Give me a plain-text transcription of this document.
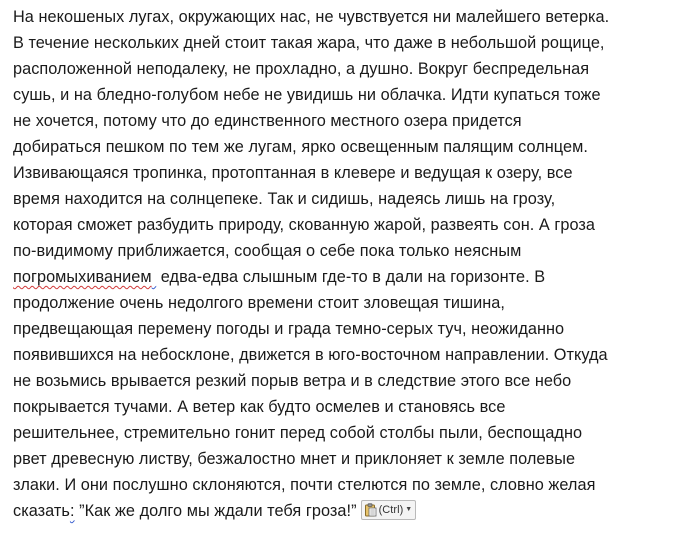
На некошеных лугах, окружающих нас, не чувствуется ни малейшего ветерка.
В течение нескольких дней стоит такая жара, что даже в небольшой рощице,
расположенной неподалеку, не прохладно, а душно. Вокруг беспредельная
сушь, и на бледно-голубом небе не увидишь ни облачка. Идти купаться тоже
не хочется, потому что до единственного местного озера придется
добираться пешком по тем же лугам, ярко освещенным палящим солнцем.
Извивающаяся тропинка, протоптанная в клевере и ведущая к озеру, все
время находится на солнцепеке. Так и сидишь, надеясь лишь на грозу,
которая сможет разбудить природу, скованную жарой, развеять сон. А гроза
по-видимому приближается, сообщая о себе пока только неясным
погромыхиванием  едва-едва слышным где-то в дали на горизонте. В
продолжение очень недолгого времени стоит зловещая тишина,
предвещающая перемену погоды и града темно-серых туч, неожиданно
появившихся на небосклоне, движется в юго-восточном направлении. Откуда
не возьмись врывается резкий порыв ветра и в следствие этого все небо
покрывается тучами. А ветер как будто осмелев и становясь все
решительнее, стремительно гонит перед собой столбы пыли, беспощадно
рвет древесную листву, безжалостно мнет и приклоняет к земле полевые
злаки. И они послушно склоняются, почти стелются по земле, словно желая
сказать: ”Как же долго мы ждали тебя гроза!” (Ctrl) ▼
